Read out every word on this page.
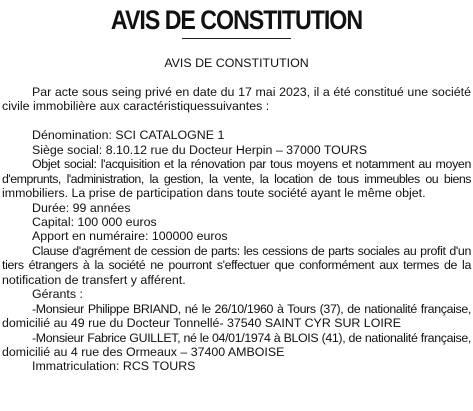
AVIS DE CONSTITUTION
AVIS DE CONSTITUTION
Par acte sous seing privé en date du 17 mai 2023, il a été constitué une société
civile immobilière aux caractéristiquessuivantes :
Dénomination: SCI CATALOGNE 1
Siège social: 8.10.12 rue du Docteur Herpin – 37000 TOURS
Objet social: l'acquisition et la rénovation par tous moyens et notamment au moyen
d'emprunts, l'administration, la gestion, la vente, la location de tous immeubles ou biens
immobiliers. La prise de participation dans toute société ayant le même objet.
Durée: 99 années
Capital: 100 000 euros
Apport en numéraire: 100000 euros
Clause d'agrément de cession de parts: les cessions de parts sociales au profit d'un
tiers étrangers à la société ne pourront s'effectuer que conformément aux termes de la
notification de transfert y afférent.
Gérants :
-Monsieur Philippe BRIAND, né le 26/10/1960 à Tours (37), de nationalité française,
domicilié au 49 rue du Docteur Tonnellé- 37540 SAINT CYR SUR LOIRE
-Monsieur Fabrice GUILLET, né le 04/01/1974 à BLOIS (41), de nationalité française,
domicilié au 4 rue des Ormeaux – 37400 AMBOISE
Immatriculation: RCS TOURS
